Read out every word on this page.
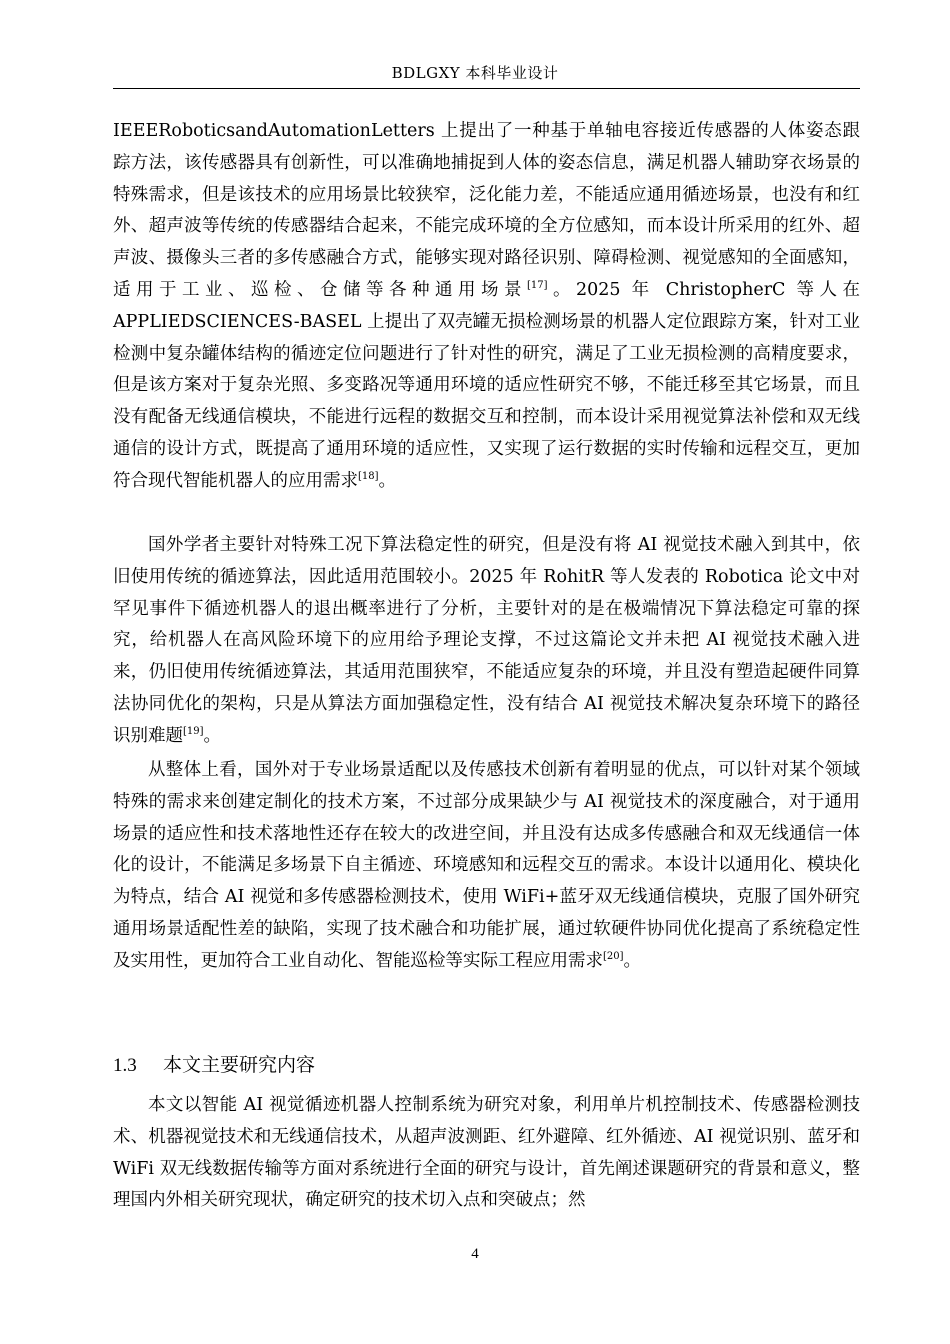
BDLGXY 本科毕业设计

IEEERoboticsandAutomationLetters 上提出了一种基于单轴电容接近传感器的人体姿态跟踪方法，该传感器具有创新性，可以准确地捕捉到人体的姿态信息，满足机器人辅助穿衣场景的特殊需求，但是该技术的应用场景比较狭窄，泛化能力差，不能适应通用循迹场景，也没有和红外、超声波等传统的传感器结合起来，不能完成环境的全方位感知，而本设计所采用的红外、超声波、摄像头三者的多传感融合方式，能够实现对路径识别、障碍检测、视觉感知的全面感知，适用于工业、巡检、仓储等各种通用场景[17]。2025 年 ChristopherC 等人在 APPLIEDSCIENCES-BASEL 上提出了双壳罐无损检测场景的机器人定位跟踪方案，针对工业检测中复杂罐体结构的循迹定位问题进行了针对性的研究，满足了工业无损检测的高精度要求，但是该方案对于复杂光照、多变路况等通用环境的适应性研究不够，不能迁移至其它场景，而且没有配备无线通信模块，不能进行远程的数据交互和控制，而本设计采用视觉算法补偿和双无线通信的设计方式，既提高了通用环境的适应性，又实现了运行数据的实时传输和远程交互，更加符合现代智能机器人的应用需求[18]。

国外学者主要针对特殊工况下算法稳定性的研究，但是没有将 AI 视觉技术融入到其中，依旧使用传统的循迹算法，因此适用范围较小。2025 年 RohitR 等人发表的 Robotica 论文中对罕见事件下循迹机器人的退出概率进行了分析，主要针对的是在极端情况下算法稳定可靠的探究，给机器人在高风险环境下的应用给予理论支撑，不过这篇论文并未把 AI 视觉技术融入进来，仍旧使用传统循迹算法，其适用范围狭窄，不能适应复杂的环境，并且没有塑造起硬件同算法协同优化的架构，只是从算法方面加强稳定性，没有结合 AI 视觉技术解决复杂环境下的路径识别难题[19]。

从整体上看，国外对于专业场景适配以及传感技术创新有着明显的优点，可以针对某个领域特殊的需求来创建定制化的技术方案，不过部分成果缺少与 AI 视觉技术的深度融合，对于通用场景的适应性和技术落地性还存在较大的改进空间，并且没有达成多传感融合和双无线通信一体化的设计，不能满足多场景下自主循迹、环境感知和远程交互的需求。本设计以通用化、模块化为特点，结合 AI 视觉和多传感器检测技术，使用 WiFi+蓝牙双无线通信模块，克服了国外研究通用场景适配性差的缺陷，实现了技术融合和功能扩展，通过软硬件协同优化提高了系统稳定性及实用性，更加符合工业自动化、智能巡检等实际工程应用需求[20]。

1.3 本文主要研究内容

本文以智能 AI 视觉循迹机器人控制系统为研究对象，利用单片机控制技术、传感器检测技术、机器视觉技术和无线通信技术，从超声波测距、红外避障、红外循迹、AI 视觉识别、蓝牙和 WiFi 双无线数据传输等方面对系统进行全面的研究与设计，首先阐述课题研究的背景和意义，整理国内外相关研究现状，确定研究的技术切入点和突破点；然

4
